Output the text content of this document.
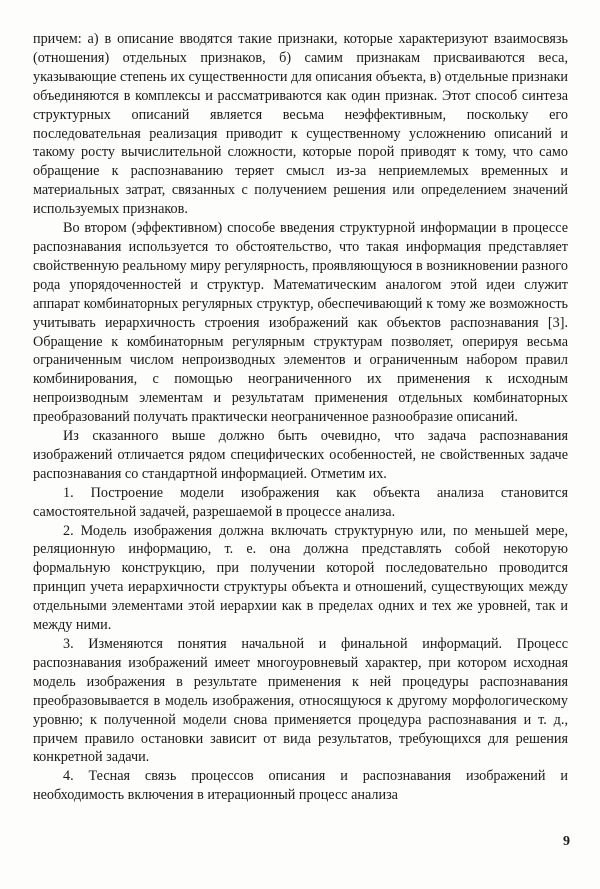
причем: а) в описание вводятся такие признаки, которые характеризуют взаимосвязь (отношения) отдельных признаков, б) самим признакам присваиваются веса, указывающие степень их существенности для описания объекта, в) отдельные признаки объединяются в комплексы и рассматриваются как один признак. Этот способ синтеза структурных описаний является весьма неэффективным, поскольку его последовательная реализация приводит к существенному усложнению описаний и такому росту вычислительной сложности, которые порой приводят к тому, что само обращение к распознаванию теряет смысл из-за неприемлемых временных и материальных затрат, связанных с получением решения или определением значений используемых признаков.

Во втором (эффективном) способе введения структурной информации в процессе распознавания используется то обстоятельство, что такая информация представляет свойственную реальному миру регулярность, проявляющуюся в возникновении разного рода упорядоченностей и структур. Математическим аналогом этой идеи служит аппарат комбинаторных регулярных структур, обеспечивающий к тому же возможность учитывать иерархичность строения изображений как объектов распознавания [3]. Обращение к комбинаторным регулярным структурам позволяет, оперируя весьма ограниченным числом непроизводных элементов и ограниченным набором правил комбинирования, с помощью неограниченного их применения к исходным непроизводным элементам и результатам применения отдельных комбинаторных преобразований получать практически неограниченное разнообразие описаний.

Из сказанного выше должно быть очевидно, что задача распознавания изображений отличается рядом специфических особенностей, не свойственных задаче распознавания со стандартной информацией. Отметим их.

1. Построение модели изображения как объекта анализа становится самостоятельной задачей, разрешаемой в процессе анализа.

2. Модель изображения должна включать структурную или, по меньшей мере, реляционную информацию, т. е. она должна представлять собой некоторую формальную конструкцию, при получении которой последовательно проводится принцип учета иерархичности структуры объекта и отношений, существующих между отдельными элементами этой иерархии как в пределах одних и тех же уровней, так и между ними.

3. Изменяются понятия начальной и финальной информаций. Процесс распознавания изображений имеет многоуровневый характер, при котором исходная модель изображения в результате применения к ней процедуры распознавания преобразовывается в модель изображения, относящуюся к другому морфологическому уровню; к полученной модели снова применяется процедура распознавания и т. д., причем правило остановки зависит от вида результатов, требующихся для решения конкретной задачи.

4. Тесная связь процессов описания и распознавания изображений и необходимость включения в итерационный процесс анализа

9
